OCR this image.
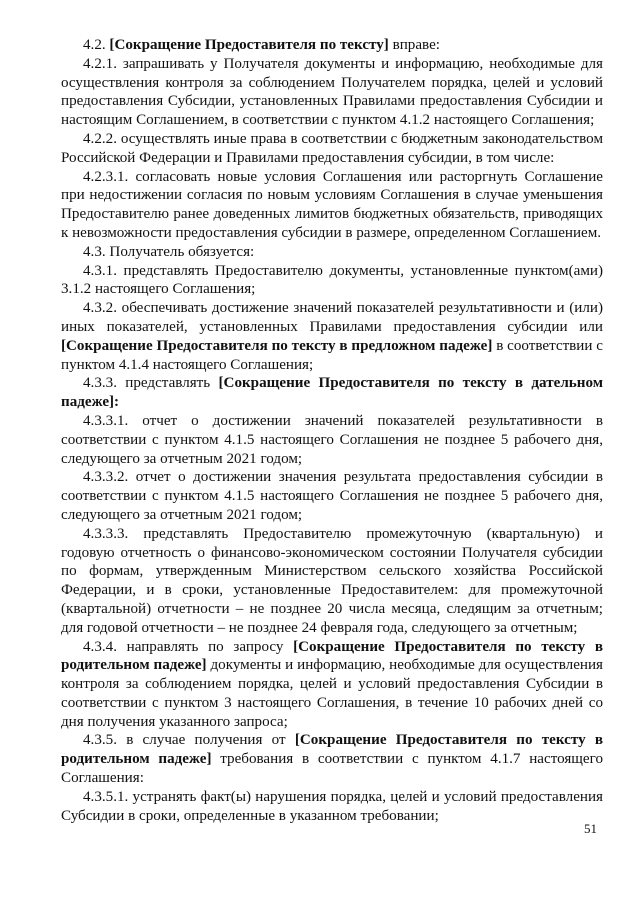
4.2. [Сокращение Предоставителя по тексту] вправе:

4.2.1. запрашивать у Получателя документы и информацию, необходимые для осуществления контроля за соблюдением Получателем порядка, целей и условий предоставления Субсидии, установленных Правилами предоставления Субсидии и настоящим Соглашением, в соответствии с пунктом 4.1.2 настоящего Соглашения;

4.2.2. осуществлять иные права в соответствии с бюджетным законодательством Российской Федерации и Правилами предоставления субсидии, в том числе:

4.2.3.1. согласовать новые условия Соглашения или расторгнуть Соглашение при недостижении согласия по новым условиям Соглашения в случае уменьшения Предоставителю ранее доведенных лимитов бюджетных обязательств, приводящих к невозможности предоставления субсидии в размере, определенном Соглашением.

4.3. Получатель обязуется:

4.3.1. представлять Предоставителю документы, установленные пунктом(ами) 3.1.2 настоящего Соглашения;

4.3.2. обеспечивать достижение значений показателей результативности и (или) иных показателей, установленных Правилами предоставления субсидии или [Сокращение Предоставителя по тексту в предложном падеже] в соответствии с пунктом 4.1.4 настоящего Соглашения;

4.3.3. представлять [Сокращение Предоставителя по тексту в дательном падеже]:

4.3.3.1. отчет о достижении значений показателей результативности в соответствии с пунктом 4.1.5 настоящего Соглашения не позднее 5 рабочего дня, следующего за отчетным 2021 годом;

4.3.3.2. отчет о достижении значения результата предоставления субсидии в соответствии с пунктом 4.1.5 настоящего Соглашения не позднее 5 рабочего дня, следующего за отчетным 2021 годом;

4.3.3.3. представлять Предоставителю промежуточную (квартальную) и годовую отчетность о финансово-экономическом состоянии Получателя субсидии по формам, утвержденным Министерством сельского хозяйства Российской Федерации, и в сроки, установленные Предоставителем: для промежуточной (квартальной) отчетности – не позднее 20 числа месяца, следящим за отчетным; для годовой отчетности – не позднее 24 февраля года, следующего за отчетным;

4.3.4. направлять по запросу [Сокращение Предоставителя по тексту в родительном падеже] документы и информацию, необходимые для осуществления контроля за соблюдением порядка, целей и условий предоставления Субсидии в соответствии с пунктом 3 настоящего Соглашения, в течение 10 рабочих дней со дня получения указанного запроса;

4.3.5. в случае получения от [Сокращение Предоставителя по тексту в родительном падеже] требования в соответствии с пунктом 4.1.7 настоящего Соглашения:

4.3.5.1. устранять факт(ы) нарушения порядка, целей и условий предоставления Субсидии в сроки, определенные в указанном требовании;

51
